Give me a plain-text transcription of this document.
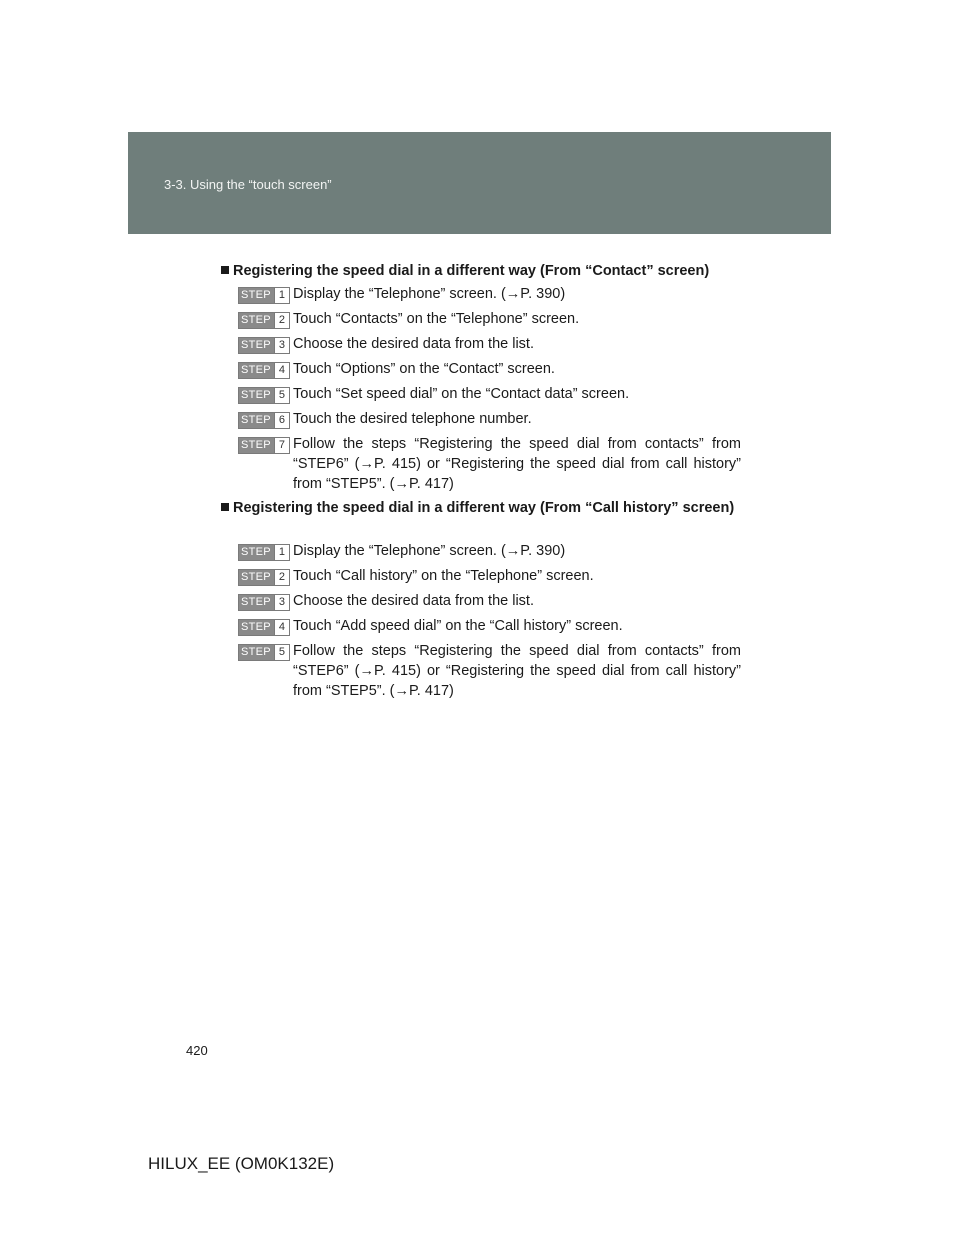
3-3. Using the “touch screen”
Registering the speed dial in a different way (From “Contact” screen)
STEP 1 Display the “Telephone” screen. (→P. 390)
STEP 2 Touch “Contacts” on the “Telephone” screen.
STEP 3 Choose the desired data from the list.
STEP 4 Touch “Options” on the “Contact” screen.
STEP 5 Touch “Set speed dial” on the “Contact data” screen.
STEP 6 Touch the desired telephone number.
STEP 7 Follow the steps “Registering the speed dial from contacts” from “STEP6” (→P. 415) or “Registering the speed dial from call history” from “STEP5”. (→P. 417)
Registering the speed dial in a different way (From “Call history” screen)
STEP 1 Display the “Telephone” screen. (→P. 390)
STEP 2 Touch “Call history” on the “Telephone” screen.
STEP 3 Choose the desired data from the list.
STEP 4 Touch “Add speed dial” on the “Call history” screen.
STEP 5 Follow the steps “Registering the speed dial from contacts” from “STEP6” (→P. 415) or “Registering the speed dial from call history” from “STEP5”. (→P. 417)
420
HILUX_EE (OM0K132E)
